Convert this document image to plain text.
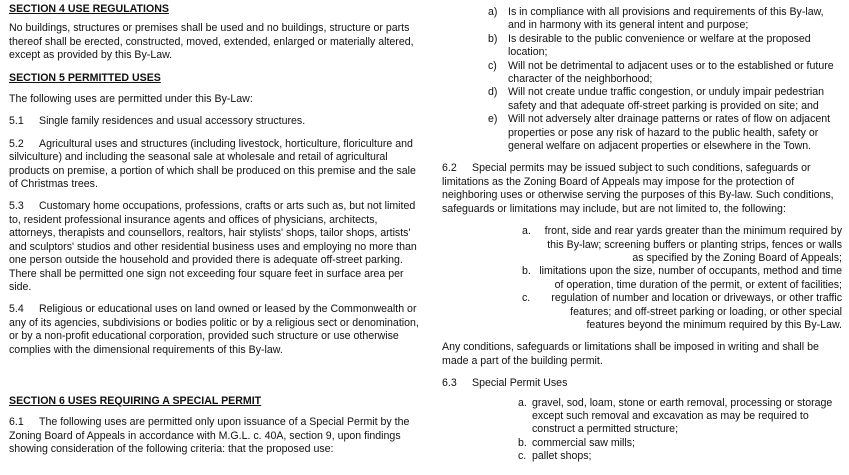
SECTION 4 USE REGULATIONS

No buildings, structures or premises shall be used and no buildings, structure or parts thereof shall be erected, constructed, moved, extended, enlarged or materially altered, except as provided by this By-Law.

SECTION 5 PERMITTED USES

The following uses are permitted under this By-Law:

5.1 Single family residences and usual accessory structures.

5.2 Agricultural uses and structures (including livestock, horticulture, floriculture and silviculture) and including the seasonal sale at wholesale and retail of agricultural products on premise, a portion of which shall be produced on this premise and the sale of Christmas trees.

5.3 Customary home occupations, professions, crafts or arts such as, but not limited to, resident professional insurance agents and offices of physicians, architects, attorneys, therapists and counsellors, realtors, hair stylists' shops, tailor shops, artists' and sculptors' studios and other residential business uses and employing no more than one person outside the household and provided there is adequate off-street parking. There shall be permitted one sign not exceeding four square feet in surface area per side.

5.4 Religious or educational uses on land owned or leased by the Commonwealth or any of its agencies, subdivisions or bodies politic or by a religious sect or denomination, or by a non-profit educational corporation, provided such structure or use otherwise complies with the dimensional requirements of this By-law.

SECTION 6 USES REQUIRING A SPECIAL PERMIT

6.1 The following uses are permitted only upon issuance of a Special Permit by the Zoning Board of Appeals in accordance with M.G.L. c. 40A, section 9, upon findings showing consideration of the following criteria: that the proposed use:

a) Is in compliance with all provisions and requirements of this By-law, and in harmony with its general intent and purpose;
b) Is desirable to the public convenience or welfare at the proposed location;
c)	Will not be detrimental to adjacent uses or to the established or future character of the neighborhood;
d) Will not create undue traffic congestion, or unduly impair pedestrian safety and that adequate off-street parking is provided on site; and
e) Will not adversely alter drainage patterns or rates of flow on adjacent properties or pose any risk of hazard to the public health, safety or general welfare on adjacent properties or elsewhere in the Town.

6.2 Special permits may be issued subject to such conditions, safeguards or limitations as the Zoning Board of Appeals may impose for the protection of neighboring uses or otherwise serving the purposes of this By-law. Such conditions, safeguards or limitations may include, but are not limited to, the following:

a.	front, side and rear yards greater than the minimum required by this By-law; screening buffers or planting strips, fences or walls as specified by the Zoning Board of Appeals;
b. limitations upon the size, number of occupants, method and time of operation, time duration of the permit, or extent of facilities;
c.	regulation of number and location or driveways, or other traffic features; and off-street parking or loading, or other special features beyond the minimum required by this By-Law.

Any conditions, safeguards or limitations shall be imposed in writing and shall be made a part of the building permit.

6.3 Special Permit Uses

a. gravel, sod, loam, stone or earth removal, processing or storage except such removal and excavation as may be required to construct a permitted structure;
b. commercial saw mills;
c. pallet shops;
